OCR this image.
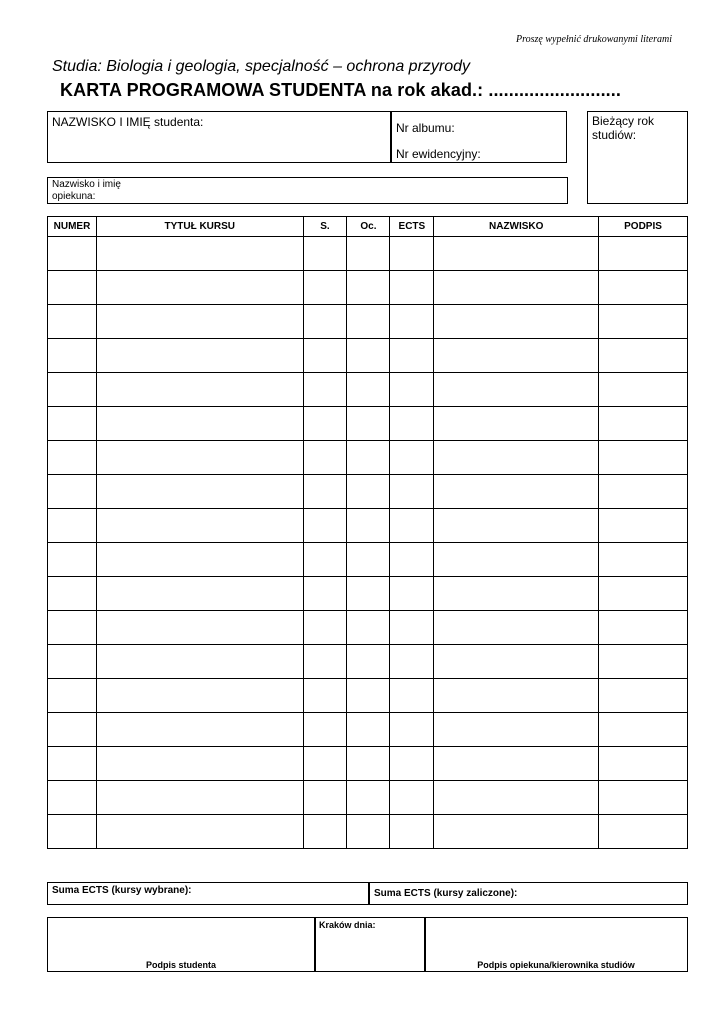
Proszę wypełnić drukowanymi literami
Studia: Biologia i geologia, specjalność – ochrona przyrody
KARTA PROGRAMOWA STUDENTA na rok akad.: ..........................
NAZWISKO I IMIĘ studenta:	Nr albumu:
Nr ewidencyjny:
Bieżący rok studiów:
Nazwisko i imię
opiekuna:
NUMER	TYTUŁ KURSU	S.	Oc.	ECTS	NAZWISKO	PODPIS

Suma ECTS (kursy wybrane):	Suma ECTS (kursy zaliczone):
Podpis studenta
Kraków dnia:
Podpis opiekuna/kierownika studiów
